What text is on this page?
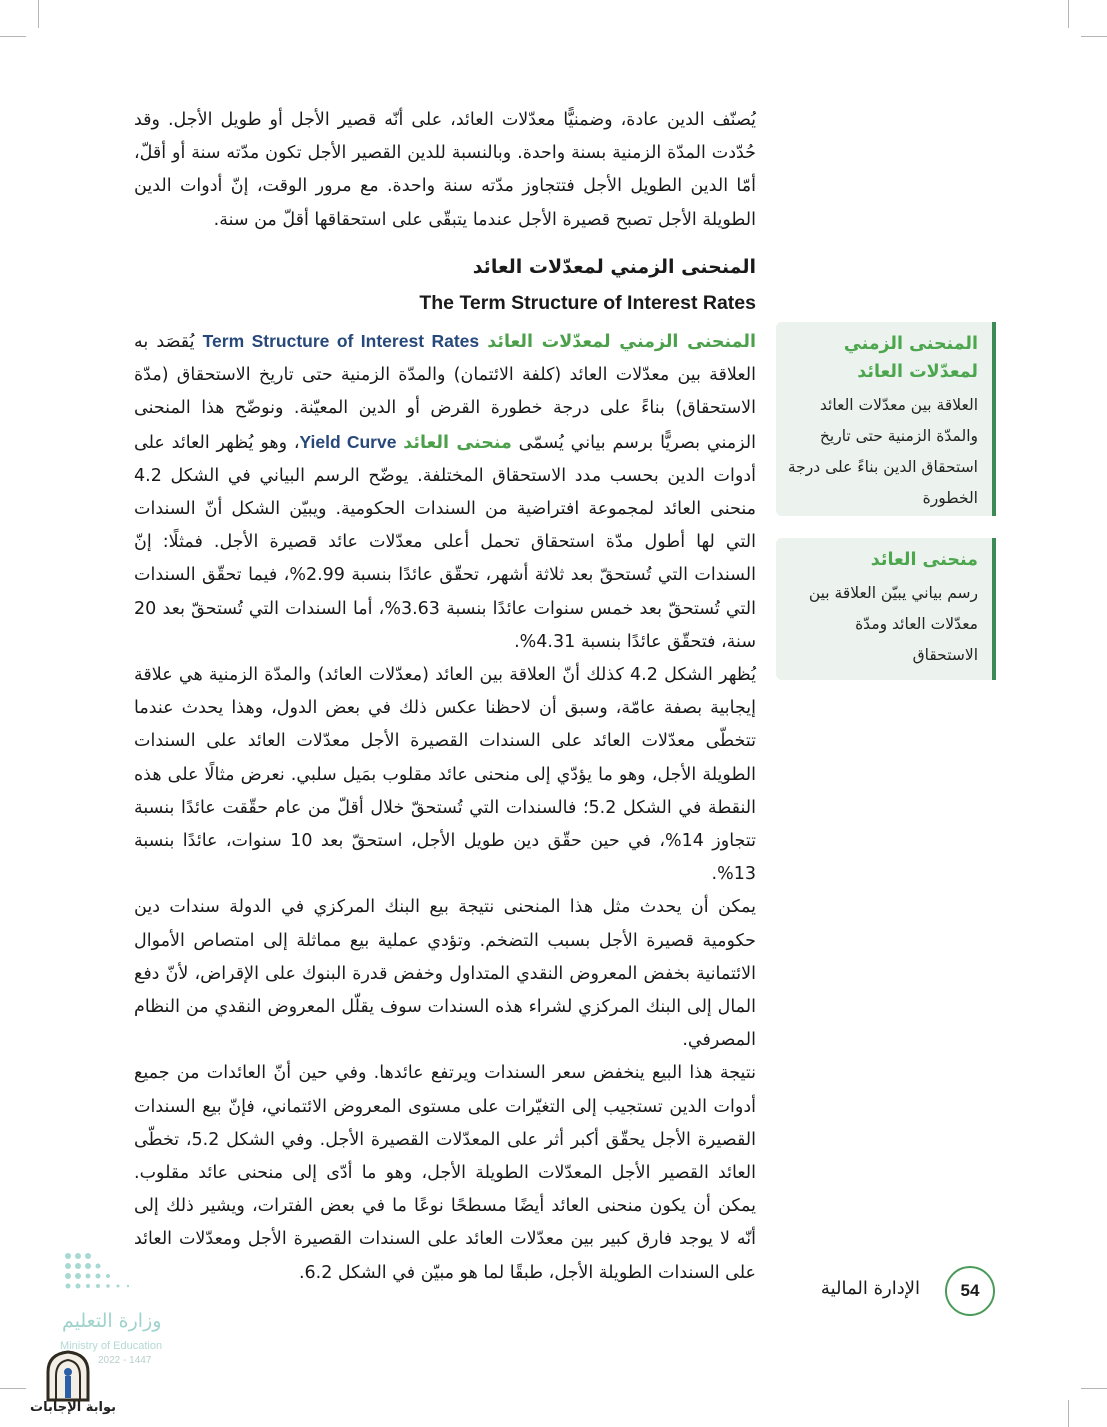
يُصنّف الدين عادة، وضمنيًّا معدّلات العائد، على أنّه قصير الأجل أو طويل الأجل. وقد حُدّدت المدّة الزمنية بسنة واحدة. وبالنسبة للدين القصير الأجل تكون مدّته سنة أو أقلّ، أمّا الدين الطويل الأجل فتتجاوز مدّته سنة واحدة. مع مرور الوقت، إنّ أدوات الدين الطويلة الأجل تصبح قصيرة الأجل عندما يتبقّى على استحقاقها أقلّ من سنة.

المنحنى الزمني لمعدّلات العائد
The Term Structure of Interest Rates

المنحنى الزمني لمعدّلات العائد Term Structure of Interest Rates يُقصَد به العلاقة بين معدّلات العائد (كلفة الائتمان) والمدّة الزمنية حتى تاريخ الاستحقاق (مدّة الاستحقاق) بناءً على درجة خطورة القرض أو الدين المعيّنة. ونوضّح هذا المنحنى الزمني بصريًّا برسم بياني يُسمّى منحنى العائد Yield Curve، وهو يُظهر العائد على أدوات الدين بحسب مدد الاستحقاق المختلفة. يوضّح الرسم البياني في الشكل 4.2 منحنى العائد لمجموعة افتراضية من السندات الحكومية. ويبيّن الشكل أنّ السندات التي لها أطول مدّة استحقاق تحمل أعلى معدّلات عائد قصيرة الأجل. فمثلًا: إنّ السندات التي تُستحقّ بعد ثلاثة أشهر، تحقّق عائدًا بنسبة 2.99%، فيما تحقّق السندات التي تُستحقّ بعد خمس سنوات عائدًا بنسبة 3.63%، أما السندات التي تُستحقّ بعد 20 سنة، فتحقّق عائدًا بنسبة 4.31%.

يُظهر الشكل 4.2 كذلك أنّ العلاقة بين العائد (معدّلات العائد) والمدّة الزمنية هي علاقة إيجابية بصفة عامّة، وسبق أن لاحظنا عكس ذلك في بعض الدول، وهذا يحدث عندما تتخطّى معدّلات العائد على السندات القصيرة الأجل معدّلات العائد على السندات الطويلة الأجل، وهو ما يؤدّي إلى منحنى عائد مقلوب بمَيل سلبي. نعرض مثالًا على هذه النقطة في الشكل 5.2؛ فالسندات التي تُستحقّ خلال أقلّ من عام حقّقت عائدًا بنسبة تتجاوز 14%، في حين حقّق دين طويل الأجل، استحقّ بعد 10 سنوات، عائدًا بنسبة 13%.

يمكن أن يحدث مثل هذا المنحنى نتيجة بيع البنك المركزي في الدولة سندات دين حكومية قصيرة الأجل بسبب التضخم. وتؤدي عملية بيع مماثلة إلى امتصاص الأموال الائتمانية بخفض المعروض النقدي المتداول وخفض قدرة البنوك على الإقراض، لأنّ دفع المال إلى البنك المركزي لشراء هذه السندات سوف يقلّل المعروض النقدي من النظام المصرفي.

نتيجة هذا البيع ينخفض سعر السندات ويرتفع عائدها. وفي حين أنّ العائدات من جميع أدوات الدين تستجيب إلى التغيّرات على مستوى المعروض الائتماني، فإنّ بيع السندات القصيرة الأجل يحقّق أكبر أثر على المعدّلات القصيرة الأجل. وفي الشكل 5.2، تخطّى العائد القصير الأجل المعدّلات الطويلة الأجل، وهو ما أدّى إلى منحنى عائد مقلوب. يمكن أن يكون منحنى العائد أيضًا مسطحًا نوعًا ما في بعض الفترات، ويشير ذلك إلى أنّه لا يوجد فارق كبير بين معدّلات العائد على السندات القصيرة الأجل ومعدّلات العائد على السندات الطويلة الأجل، طبقًا لما هو مبيّن في الشكل 6.2.

المنحنى الزمني لمعدّلات العائد
العلاقة بين معدّلات العائد والمدّة الزمنية حتى تاريخ استحقاق الدين بناءً على درجة الخطورة
منحنى العائد
رسم بياني يبيّن العلاقة بين معدّلات العائد ومدّة الاستحقاق
الإدارة المالية	54
وزارة التعليم
Ministry of Education
2022 - 1447
بوابة الإجابات
